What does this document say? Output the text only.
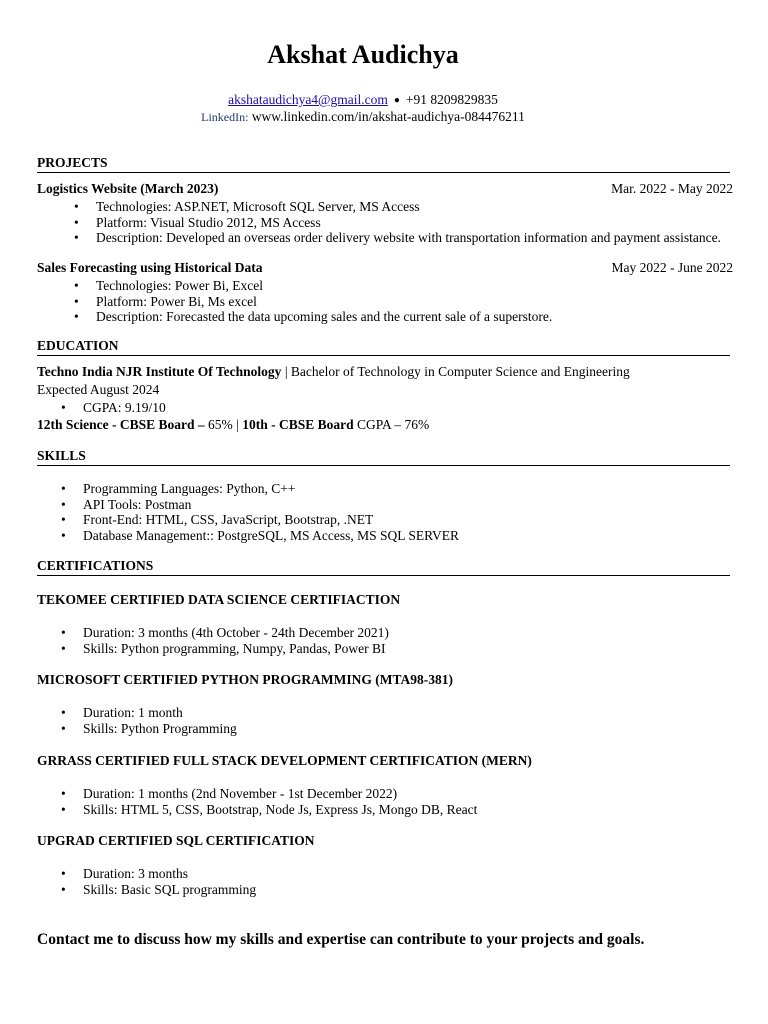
Akshat Audichya
akshataudichya4@gmail.com ● +91 8209829835
LinkedIn: www.linkedin.com/in/akshat-audichya-084476211
PROJECTS
Logistics Website (March 2023)	Mar. 2022 - May 2022
• Technologies: ASP.NET, Microsoft SQL Server, MS Access
• Platform: Visual Studio 2012, MS Access
• Description: Developed an overseas order delivery website with transportation information and payment assistance.
Sales Forecasting using Historical Data	May 2022 - June 2022
• Technologies: Power Bi, Excel
• Platform: Power Bi, Ms excel
• Description: Forecasted the data upcoming sales and the current sale of a superstore.
EDUCATION
Techno India NJR Institute Of Technology | Bachelor of Technology in Computer Science and Engineering
Expected August 2024
• CGPA: 9.19/10
12th Science - CBSE Board – 65% | 10th - CBSE Board CGPA – 76%
SKILLS
• Programming Languages: Python, C++
• API Tools: Postman
• Front-End: HTML, CSS, JavaScript, Bootstrap, .NET
• Database Management:: PostgreSQL, MS Access, MS SQL SERVER
CERTIFICATIONS
TEKOMEE CERTIFIED DATA SCIENCE CERTIFIACTION
• Duration: 3 months (4th October - 24th December 2021)
• Skills: Python programming, Numpy, Pandas, Power BI
MICROSOFT CERTIFIED PYTHON PROGRAMMING (MTA98-381)
• Duration: 1 month
• Skills: Python Programming
GRRASS CERTIFIED FULL STACK DEVELOPMENT CERTIFICATION (MERN)
• Duration: 1 months (2nd November - 1st December 2022)
• Skills: HTML 5, CSS, Bootstrap, Node Js, Express Js, Mongo DB, React
UPGRAD CERTIFIED SQL CERTIFICATION
• Duration: 3 months
• Skills: Basic SQL programming
Contact me to discuss how my skills and expertise can contribute to your projects and goals.
